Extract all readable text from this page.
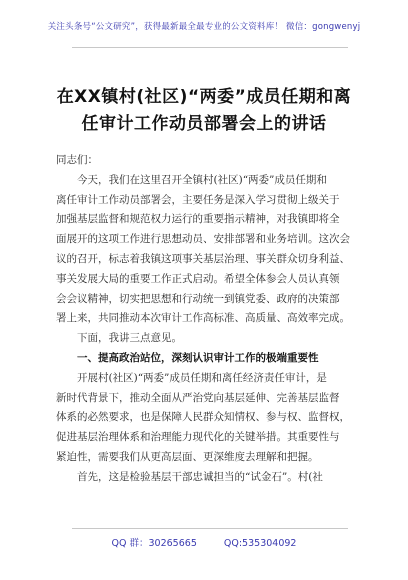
关注头条号“公文研究”，获得最新最全最专业的公文资料库！ 微信：gongwenyj
在XX镇村(社区)“两委”成员任期和离
任审计工作动员部署会上的讲话
同志们：
　　今天，我们在这里召开全镇村(社区)“两委”成员任期和
离任审计工作动员部署会，主要任务是深入学习贯彻上级关于
加强基层监督和规范权力运行的重要指示精神，对我镇即将全
面展开的这项工作进行思想动员、安排部署和业务培训。这次会
议的召开，标志着我镇这项事关基层治理、事关群众切身利益、
事关发展大局的重要工作正式启动。希望全体参会人员认真领
会会议精神，切实把思想和行动统一到镇党委、政府的决策部
署上来，共同推动本次审计工作高标准、高质量、高效率完成。
　　下面，我讲三点意见。
　　一、提高政治站位，深刻认识审计工作的极端重要性
　　开展村(社区)“两委”成员任期和离任经济责任审计，是
新时代背景下，推动全面从严治党向基层延伸、完善基层监督
体系的必然要求，也是保障人民群众知情权、参与权、监督权，
促进基层治理体系和治理能力现代化的关键举措。其重要性与
紧迫性，需要我们从更高层面、更深维度去理解和把握。
　　首先，这是检验基层干部忠诚担当的“试金石”。村(社
QQ 群：30265665	QQ:535304092
